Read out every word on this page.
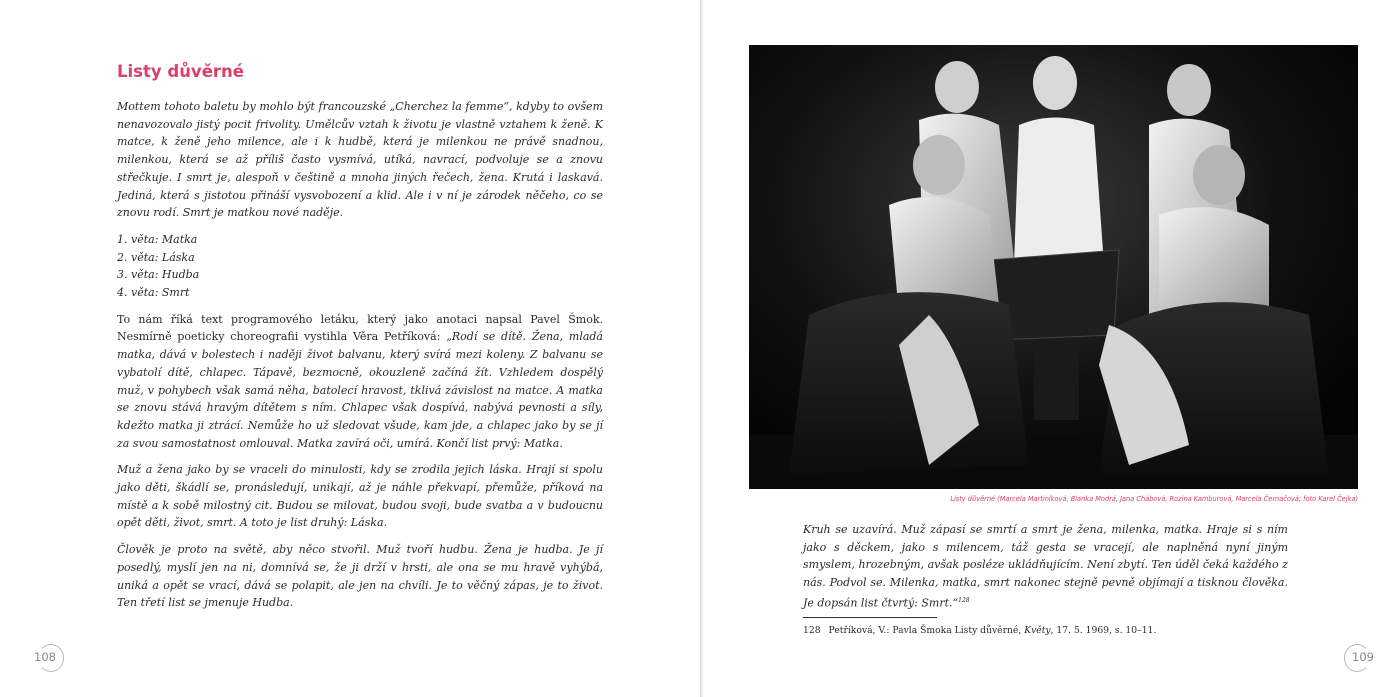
Listy důvěrné

Mottem tohoto baletu by mohlo být francouzské „Cherchez la femme“, kdyby to ovšem nenavozovalo jistý pocit frivolity. Umělcův vztah k životu je vlastně vztahem k ženě. K matce, k ženě jeho milence, ale i k hudbě, která je milenkou ne právě snadnou, milenkou, která se až příliš často vysmívá, utíká, navrací, podvoluje se a znovu střečkuje. I smrt je, alespoň v češtině a mnoha jiných řečech, žena. Krutá i laskavá. Jediná, která s jistotou přináší vysvobození a klid. Ale i v ní je zárodek něčeho, co se znovu rodí. Smrt je matkou nové naděje.

1. věta: Matka
2. věta: Láska
3. věta: Hudba
4. věta: Smrt

To nám říká text programového letáku, který jako anotaci napsal Pavel Šmok. Nesmírně poeticky choreografii vystihla Věra Petříková: „Rodí se dítě. Žena, mladá matka, dává v bolestech i naději život balvanu, který svírá mezi koleny. Z balvanu se vybatolí dítě, chlapec. Tápavě, bezmocně, okouzleně začíná žít. Vzhledem dospělý muž, v pohybech však samá něha, batolecí hravost, tklivá závislost na matce. A matka se znovu stává hravým dítětem s ním. Chlapec však dospívá, nabývá pevnosti a síly, kdežto matka ji ztrácí. Nemůže ho už sledovat všude, kam jde, a chlapec jako by se jí za svou samostatnost omlouval. Matka zavírá oči, umírá. Končí list prvý: Matka.

Muž a žena jako by se vraceli do minulosti, kdy se zrodila jejich láska. Hrají si spolu jako děti, škádlí se, pronásledují, unikají, až je náhle překvapí, přemůže, příková na místě a k sobě milostný cit. Budou se milovat, budou svoji, bude svatba a v budoucnu opět děti, život, smrt. A toto je list druhý: Láska.

Člověk je proto na světě, aby něco stvořil. Muž tvoří hudbu. Žena je hudba. Je jí posedlý, myslí jen na ni, domnívá se, že ji drží v hrsti, ale ona se mu hravě vyhýbá, uniká a opět se vrací, dává se polapit, ale jen na chvíli. Je to věčný zápas, je to život. Ten třetí list se jmenuje Hudba.

108
Listy důvěrné (Marcela Martiníková, Blanka Modrá, Jana Chábová, Rozina Kamburová, Marcela Černačová; foto Karel Čejka)

Kruh se uzavírá. Muž zápasí se smrtí a smrt je žena, milenka, matka. Hraje si s ním jako s děckem, jako s milencem, táž gesta se vracejí, ale naplněná nyní jiným smyslem, hrozebným, avšak posléze ukládňujícím. Není zbytí. Ten úděl čeká každého z nás. Podvol se. Milenka, matka, smrt nakonec stejně pevně objímají a tisknou člověka. Je dopsán list čtvrtý: Smrt.“$^{128}$

128 Petříková, V.: Pavla Šmoka Listy důvěrné, Květy, 17. 5. 1969, s. 10–11.
109
